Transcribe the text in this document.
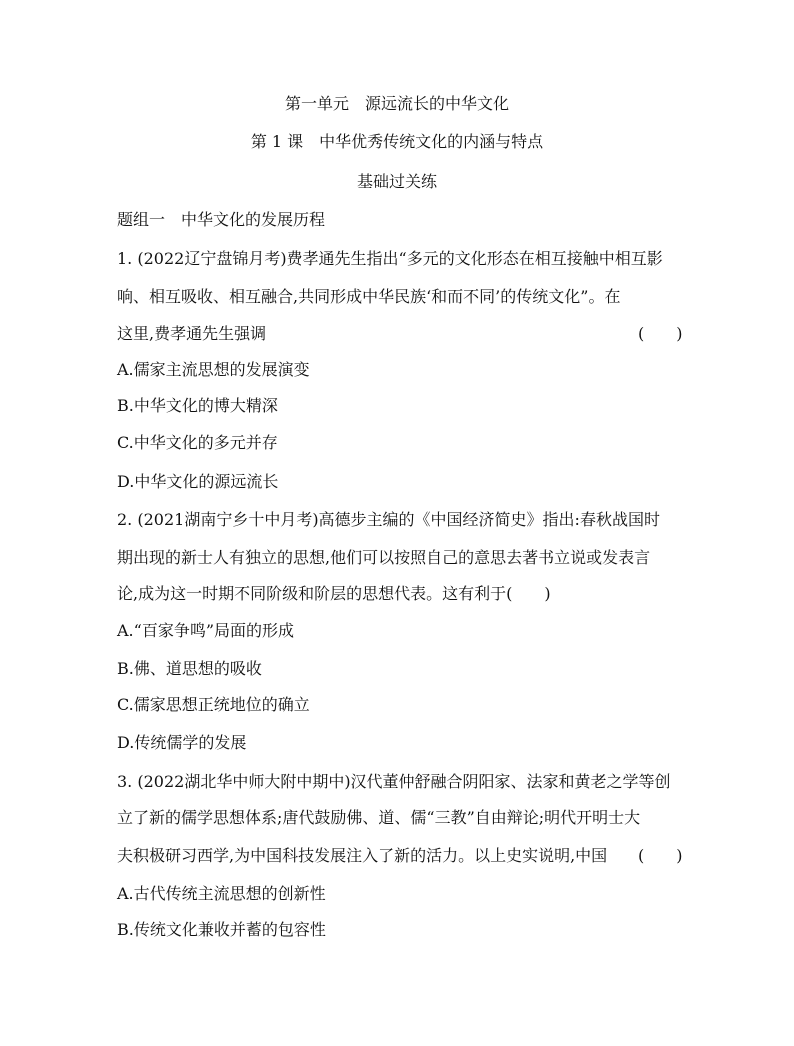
第一单元　源远流长的中华文化
第 1 课　中华优秀传统文化的内涵与特点
基础过关练
题组一　中华文化的发展历程
1. (2022辽宁盘锦月考)费孝通先生指出“多元的文化形态在相互接触中相互影
响、相互吸收、相互融合,共同形成中华民族‘和而不同’的传统文化”。在
这里,费孝通先生强调	(　　)
A.儒家主流思想的发展演变
B.中华文化的博大精深
C.中华文化的多元并存
D.中华文化的源远流长
2. (2021湖南宁乡十中月考)高德步主编的《中国经济简史》指出:春秋战国时
期出现的新士人有独立的思想,他们可以按照自己的意思去著书立说或发表言
论,成为这一时期不同阶级和阶层的思想代表。这有利于(　　)
A.“百家争鸣”局面的形成
B.佛、道思想的吸收
C.儒家思想正统地位的确立
D.传统儒学的发展
3. (2022湖北华中师大附中期中)汉代董仲舒融合阴阳家、法家和黄老之学等创
立了新的儒学思想体系;唐代鼓励佛、道、儒“三教”自由辩论;明代开明士大
夫积极研习西学,为中国科技发展注入了新的活力。以上史实说明,中国	(　　)
A.古代传统主流思想的创新性
B.传统文化兼收并蓄的包容性
